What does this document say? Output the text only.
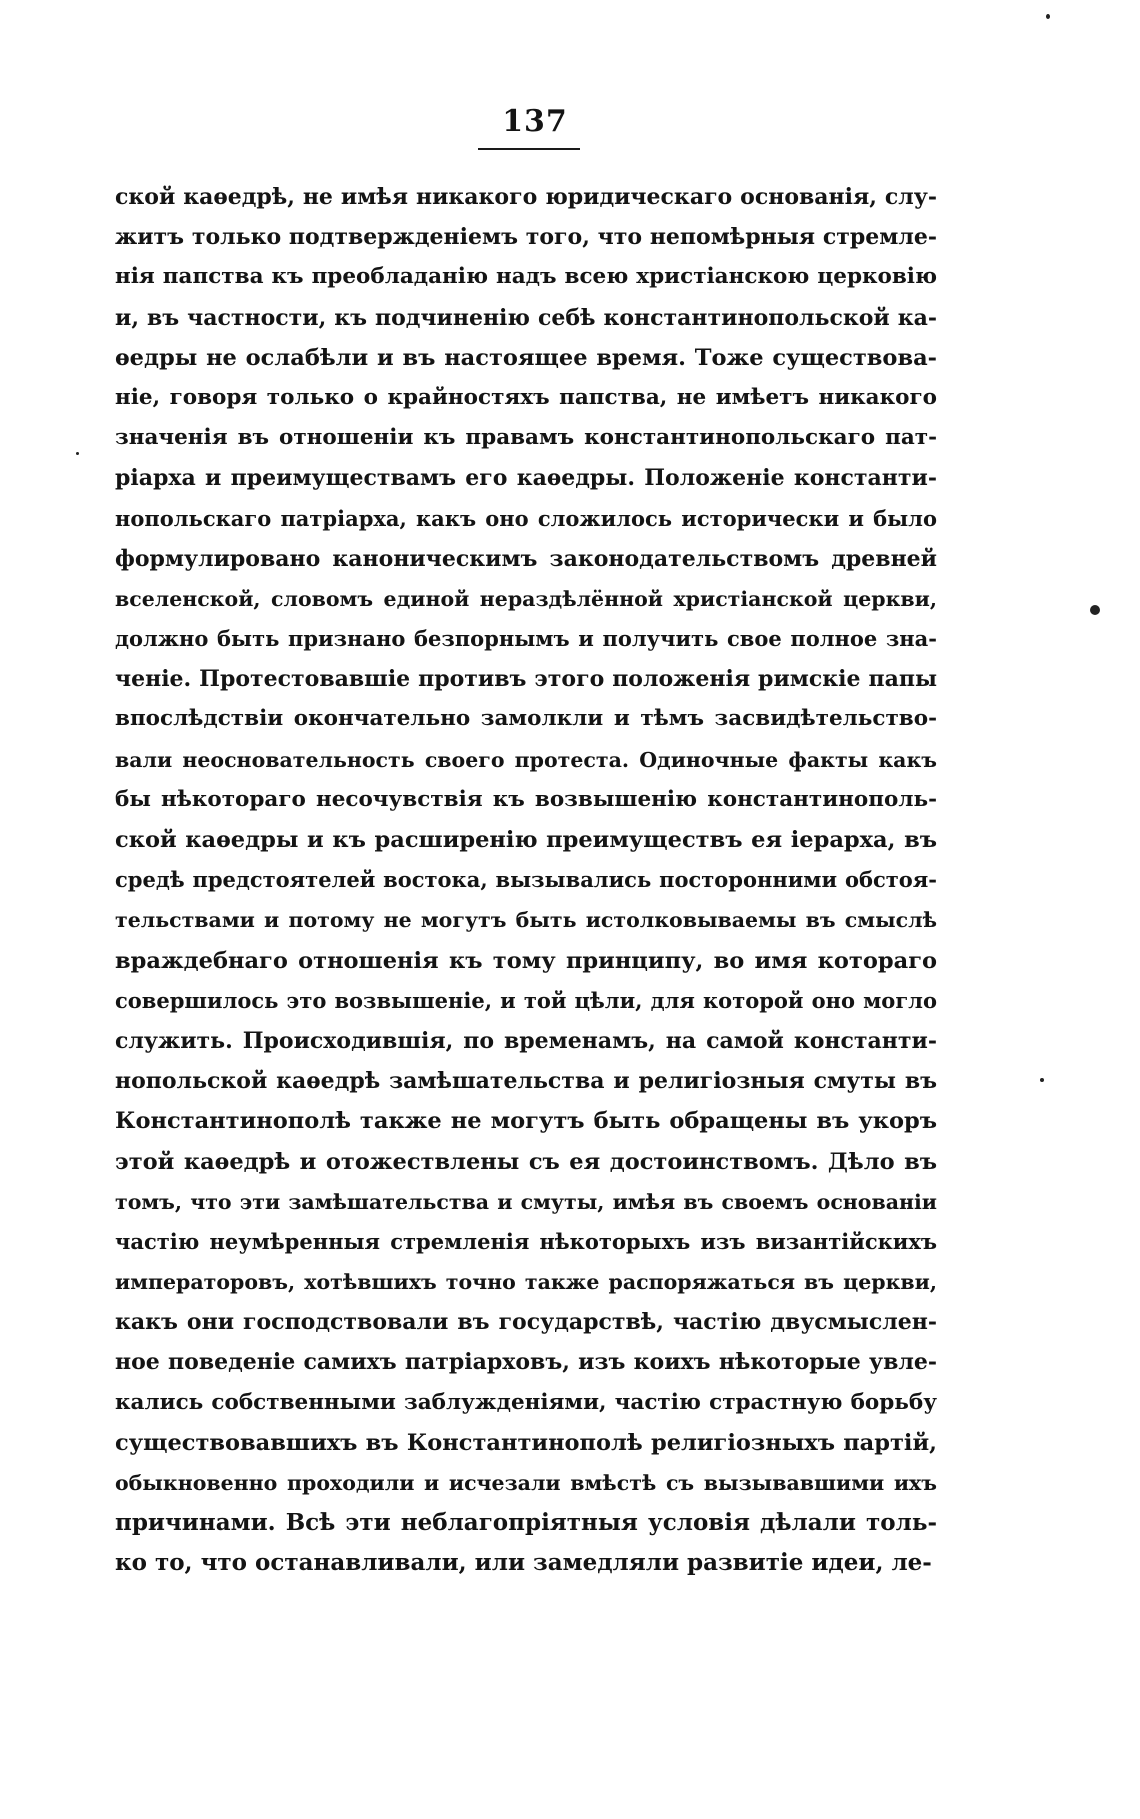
137
ской каѳедрѣ, не имѣя никакого юридическаго основанія, слу-
житъ только подтвержденіемъ того, что непомѣрныя стремле-
нія папства къ преобладанію надъ всею христіанскою церковію
и, въ частности, къ подчиненію себѣ константинопольской ка-
ѳедры не ослабѣли и въ настоящее время. Тоже существова-
ніе, говоря только о крайностяхъ папства, не имѣетъ никакого
значенія въ отношеніи къ правамъ константинопольскаго пат-
ріарха и преимуществамъ его каѳедры. Положеніе константи-
нопольскаго патріарха, какъ оно сложилось исторически и было
формулировано каноническимъ законодательствомъ древней
вселенской, словомъ единой нераздѣлённой христіанской церкви,
должно быть признано безпорнымъ и получить свое полное зна-
ченіе. Протестовавшіе противъ этого положенія римскіе папы
впослѣдствіи окончательно замолкли и тѣмъ засвидѣтельство-
вали неосновательность своего протеста. Одиночные факты какъ
бы нѣкотораго несочувствія къ возвышенію константинополь-
ской каѳедры и къ расширенію преимуществъ ея іерарха, въ
средѣ предстоятелей востока, вызывались посторонними обстоя-
тельствами и потому не могутъ быть истолковываемы въ смыслѣ
враждебнаго отношенія къ тому принципу, во имя котораго
совершилось это возвышеніе, и той цѣли, для которой оно могло
служить. Происходившія, по временамъ, на самой константи-
нопольской каѳедрѣ замѣшательства и религіозныя смуты въ
Константинополѣ также не могутъ быть обращены въ укоръ
этой каѳедрѣ и отожествлены съ ея достоинствомъ. Дѣло въ
томъ, что эти замѣшательства и смуты, имѣя въ своемъ основаніи
частію неумѣренныя стремленія нѣкоторыхъ изъ византійскихъ
императоровъ, хотѣвшихъ точно также распоряжаться въ церкви,
какъ они господствовали въ государствѣ, частію двусмыслен-
ное поведеніе самихъ патріарховъ, изъ коихъ нѣкоторые увле-
кались собственными заблужденіями, частію страстную борьбу
существовавшихъ въ Константинополѣ религіозныхъ партій,
обыкновенно проходили и исчезали вмѣстѣ съ вызывавшими ихъ
причинами. Всѣ эти неблагопріятныя условія дѣлали толь-
ко то, что останавливали, или замедляли развитіе идеи, ле-
